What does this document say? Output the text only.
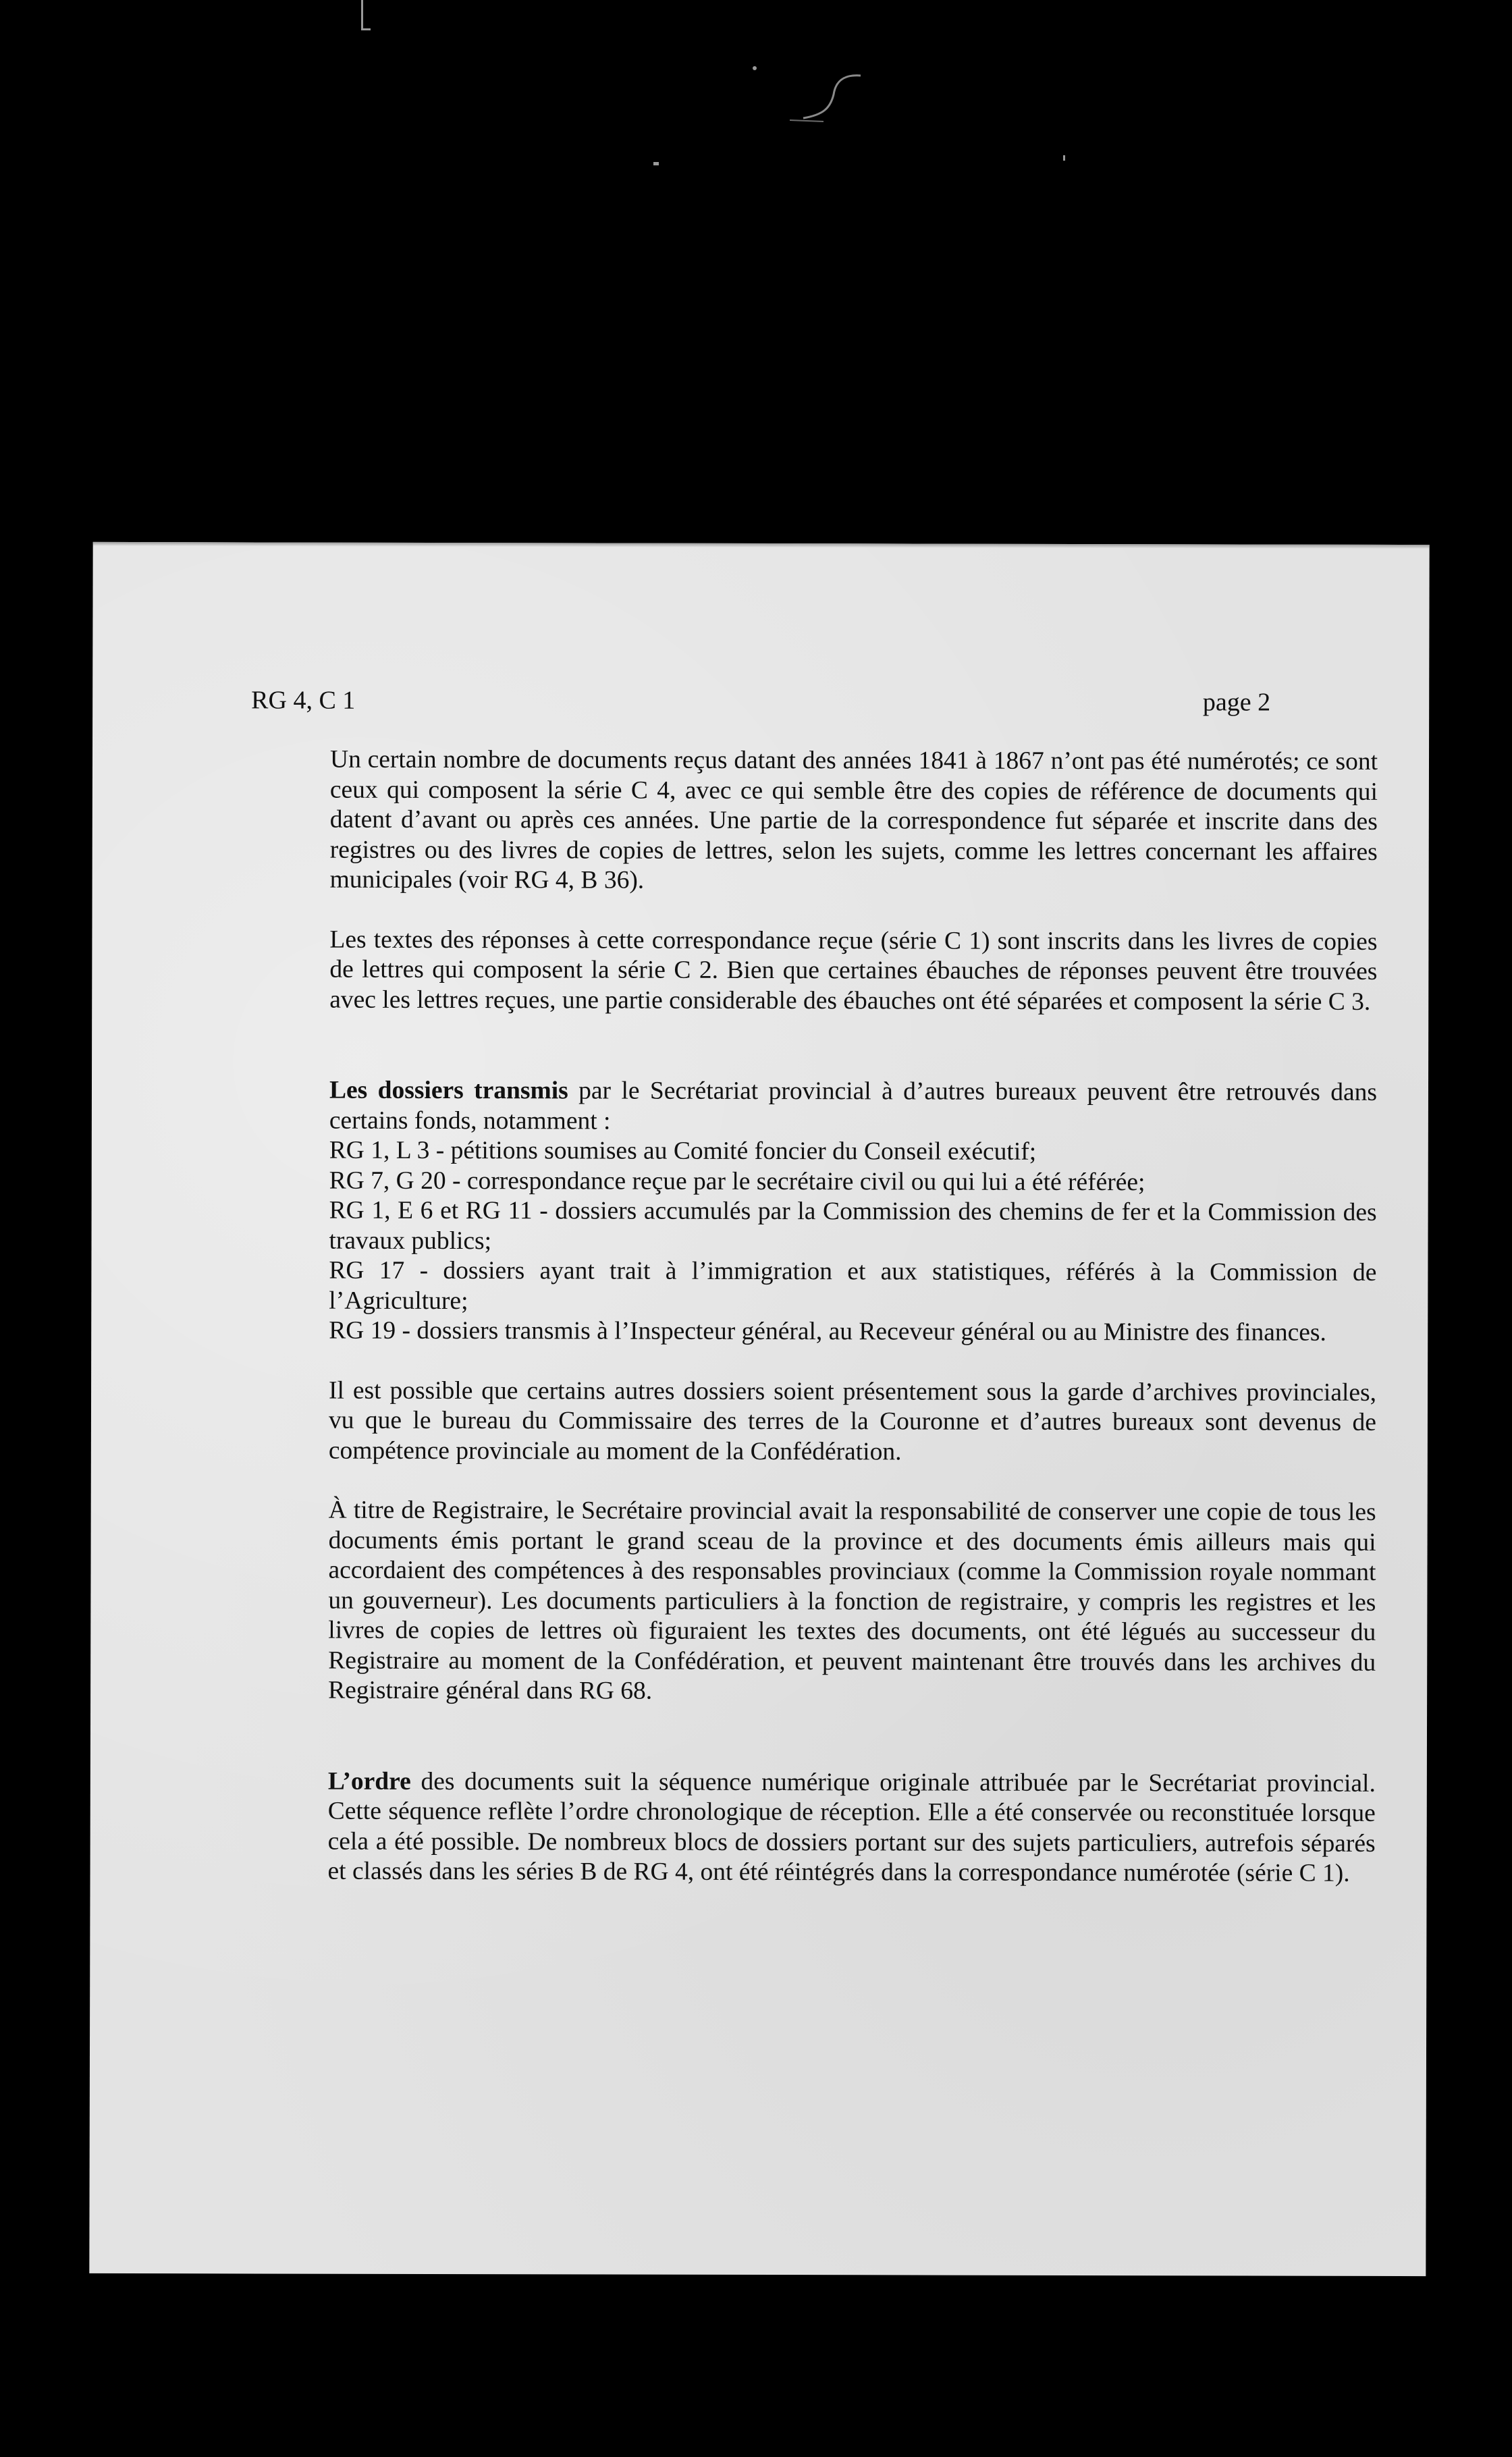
RG 4, C 1	page 2

Un certain nombre de documents reçus datant des années 1841 à 1867 n’ont pas été numérotés; ce sont ceux qui composent la série C 4, avec ce qui semble être des copies de référence de documents qui datent d’avant ou après ces années. Une partie de la correspondence fut séparée et inscrite dans des registres ou des livres de copies de lettres, selon les sujets, comme les lettres concernant les affaires municipales (voir RG 4, B 36).

Les textes des réponses à cette correspondance reçue (série C 1) sont inscrits dans les livres de copies de lettres qui composent la série C 2. Bien que certaines ébauches de réponses peuvent être trouvées avec les lettres reçues, une partie considerable des ébauches ont été séparées et composent la série C 3.

Les dossiers transmis par le Secrétariat provincial à d’autres bureaux peuvent être retrouvés dans certains fonds, notamment :
RG 1, L 3 - pétitions soumises au Comité foncier du Conseil exécutif;
RG 7, G 20 - correspondance reçue par le secrétaire civil ou qui lui a été référée;
RG 1, E 6 et RG 11 - dossiers accumulés par la Commission des chemins de fer et la Commission des travaux publics;
RG 17 - dossiers ayant trait à l’immigration et aux statistiques, référés à la Commission de l’Agriculture;
RG 19 - dossiers transmis à l’Inspecteur général, au Receveur général ou au Ministre des finances.

Il est possible que certains autres dossiers soient présentement sous la garde d’archives provinciales, vu que le bureau du Commissaire des terres de la Couronne et d’autres bureaux sont devenus de compétence provinciale au moment de la Confédération.

À titre de Registraire, le Secrétaire provincial avait la responsabilité de conserver une copie de tous les documents émis portant le grand sceau de la province et des documents émis ailleurs mais qui accordaient des compétences à des responsables provinciaux (comme la Commission royale nommant un gouverneur). Les documents particuliers à la fonction de registraire, y compris les registres et les livres de copies de lettres où figuraient les textes des documents, ont été légués au successeur du Registraire au moment de la Confédération, et peuvent maintenant être trouvés dans les archives du Registraire général dans RG 68.

L’ordre des documents suit la séquence numérique originale attribuée par le Secrétariat provincial. Cette séquence reflète l’ordre chronologique de réception. Elle a été conservée ou reconstituée lorsque cela a été possible. De nombreux blocs de dossiers portant sur des sujets particuliers, autrefois séparés et classés dans les séries B de RG 4, ont été réintégrés dans la correspondance numérotée (série C 1).
